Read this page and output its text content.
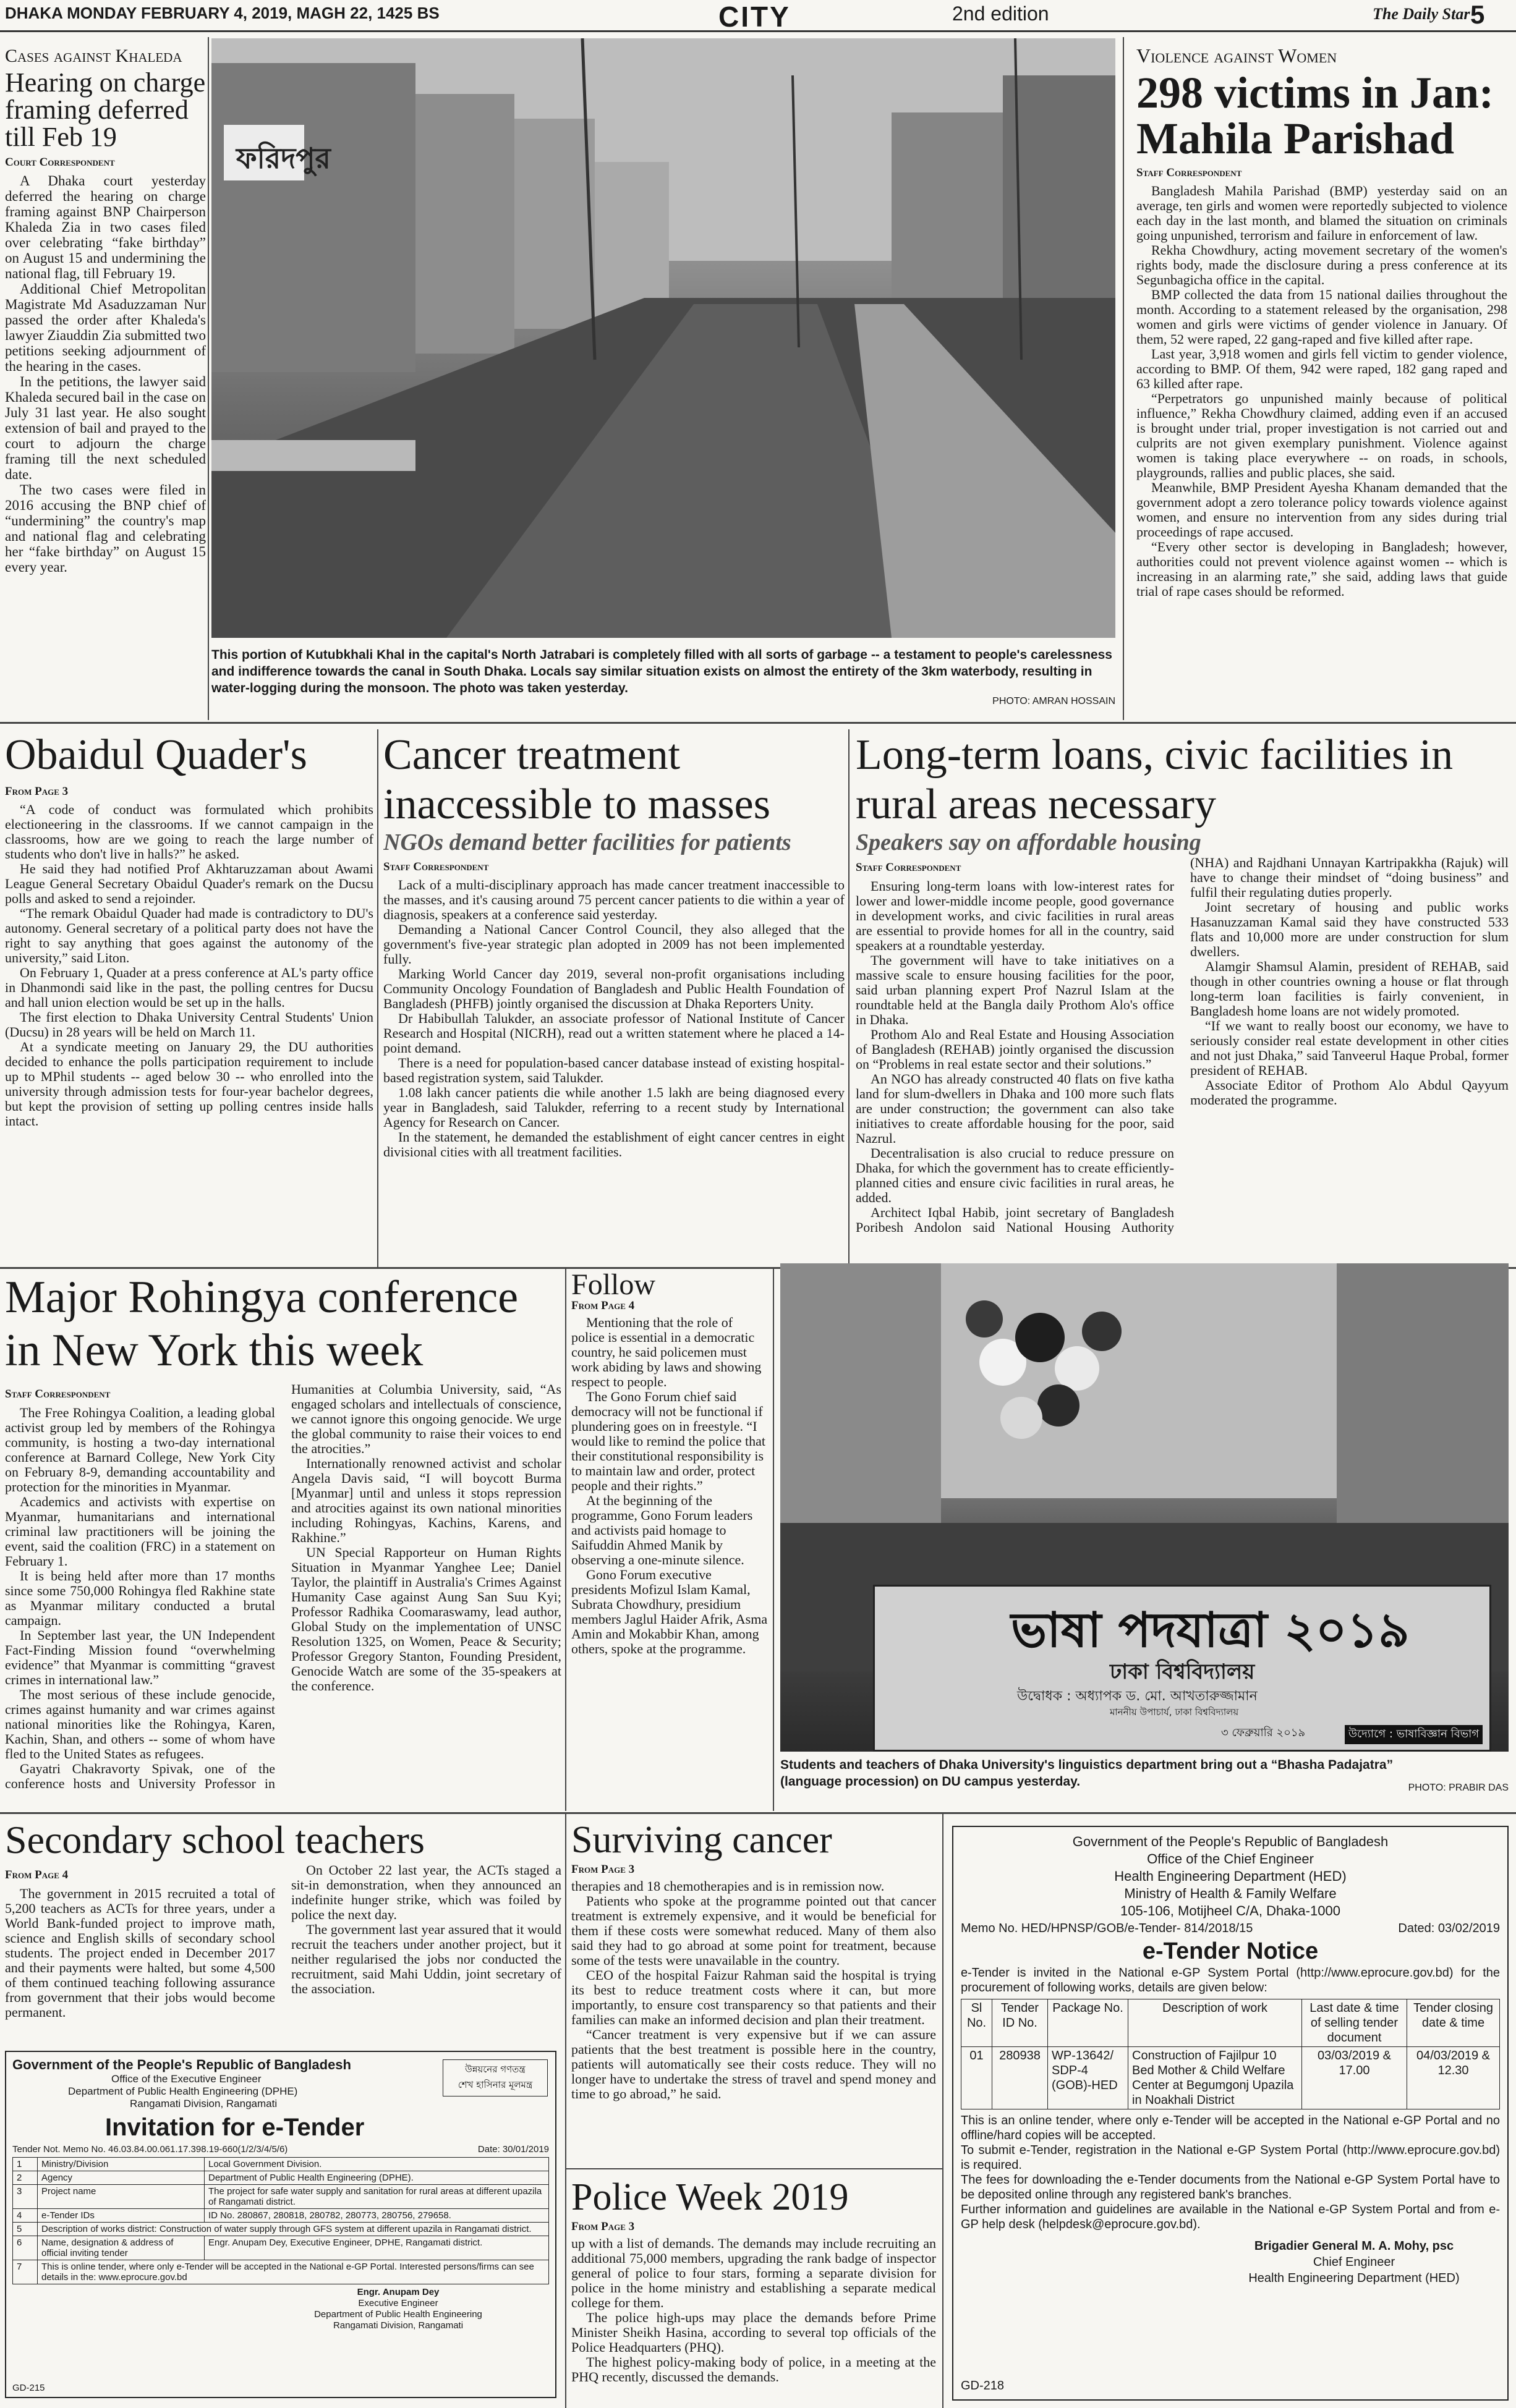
DHAKA MONDAY FEBRUARY 4, 2019, MAGH 22, 1425 BS	CITY	2nd edition	The Daily Star 5
Cases against Khaleda
Hearing on charge framing deferred till Feb 19
Court Correspondent

A Dhaka court yesterday deferred the hearing on charge framing against BNP Chairperson Khaleda Zia in two cases filed over celebrating “fake birthday” on August 15 and undermining the national flag, till February 19.

Additional Chief Metropolitan Magistrate Md Asaduzzaman Nur passed the order after Khaleda's lawyer Ziauddin Zia submitted two petitions seeking adjournment of the hearing in the cases.

In the petitions, the lawyer said Khaleda secured bail in the case on July 31 last year. He also sought extension of bail and prayed to the court to adjourn the charge framing till the next scheduled date.

The two cases were filed in 2016 accusing the BNP chief of “undermining” the country's map and national flag and celebrating her “fake birthday” on August 15 every year.

ফরিদপুর
This portion of Kutubkhali Khal in the capital's North Jatrabari is completely filled with all sorts of garbage -- a testament to people's carelessness and indifference towards the canal in South Dhaka. Locals say similar situation exists on almost the entirety of the 3km waterbody, resulting in water-logging during the monsoon. The photo was taken yesterday.
PHOTO: AMRAN HOSSAIN
Violence against Women
298 victims in Jan: Mahila Parishad
Staff Correspondent

Bangladesh Mahila Parishad (BMP) yesterday said on an average, ten girls and women were reportedly subjected to violence each day in the last month, and blamed the situation on criminals going unpunished, terrorism and failure in enforcement of law.

Rekha Chowdhury, acting movement secretary of the women's rights body, made the disclosure during a press conference at its Segunbagicha office in the capital.

BMP collected the data from 15 national dailies throughout the month. According to a statement released by the organisation, 298 women and girls were victims of gender violence in January. Of them, 52 were raped, 22 gang-raped and five killed after rape.

Last year, 3,918 women and girls fell victim to gender violence, according to BMP. Of them, 942 were raped, 182 gang raped and 63 killed after rape.

“Perpetrators go unpunished mainly because of political influence,” Rekha Chowdhury claimed, adding even if an accused is brought under trial, proper investigation is not carried out and culprits are not given exemplary punishment. Violence against women is taking place everywhere -- on roads, in schools, playgrounds, rallies and public places, she said.

Meanwhile, BMP President Ayesha Khanam demanded that the government adopt a zero tolerance policy towards violence against women, and ensure no intervention from any sides during trial proceedings of rape accused.

“Every other sector is developing in Bangladesh; however, authorities could not prevent violence against women -- which is increasing in an alarming rate,” she said, adding laws that guide trial of rape cases should be reformed.

Obaidul Quader's
From Page 3

“A code of conduct was formulated which prohibits electioneering in the classrooms. If we cannot campaign in the classrooms, how are we going to reach the large number of students who don't live in halls?” he asked.

He said they had notified Prof Akhtaruzzaman about Awami League General Secretary Obaidul Quader's remark on the Ducsu polls and asked to send a rejoinder.

“The remark Obaidul Quader had made is contradictory to DU's autonomy. General secretary of a political party does not have the right to say anything that goes against the autonomy of the university,” said Liton.

On February 1, Quader at a press conference at AL's party office in Dhanmondi said like in the past, the polling centres for Ducsu and hall union election would be set up in the halls.

The first election to Dhaka University Central Students' Union (Ducsu) in 28 years will be held on March 11.

At a syndicate meeting on January 29, the DU authorities decided to enhance the polls participation requirement to include up to MPhil students -- aged below 30 -- who enrolled into the university through admission tests for four-year bachelor degrees, but kept the provision of setting up polling centres inside halls intact.

Cancer treatment inaccessible to masses
NGOs demand better facilities for patients
Staff Correspondent

Lack of a multi-disciplinary approach has made cancer treatment inaccessible to the masses, and it's causing around 75 percent cancer patients to die within a year of diagnosis, speakers at a conference said yesterday.

Demanding a National Cancer Control Council, they also alleged that the government's five-year strategic plan adopted in 2009 has not been implemented fully.

Marking World Cancer day 2019, several non-profit organisations including Community Oncology Foundation of Bangladesh and Public Health Foundation of Bangladesh (PHFB) jointly organised the discussion at Dhaka Reporters Unity.

Dr Habibullah Talukder, an associate professor of National Institute of Cancer Research and Hospital (NICRH), read out a written statement where he placed a 14-point demand.

There is a need for population-based cancer database instead of existing hospital-based registration system, said Talukder.

1.08 lakh cancer patients die while another 1.5 lakh are being diagnosed every year in Bangladesh, said Talukder, referring to a recent study by International Agency for Research on Cancer.

In the statement, he demanded the establishment of eight cancer centres in eight divisional cities with all treatment facilities.

Long-term loans, civic facilities in rural areas necessary
Speakers say on affordable housing
Staff Correspondent

Ensuring long-term loans with low-interest rates for lower and lower-middle income people, good governance in development works, and civic facilities in rural areas are essential to provide homes for all in the country, said speakers at a roundtable yesterday.

The government will have to take initiatives on a massive scale to ensure housing facilities for the poor, said urban planning expert Prof Nazrul Islam at the roundtable held at the Bangla daily Prothom Alo's office in Dhaka.

Prothom Alo and Real Estate and Housing Association of Bangladesh (REHAB) jointly organised the discussion on “Problems in real estate sector and their solutions.”

An NGO has already constructed 40 flats on five katha land for slum-dwellers in Dhaka and 100 more such flats are under construction; the government can also take initiatives to create affordable housing for the poor, said Nazrul.

Decentralisation is also crucial to reduce pressure on Dhaka, for which the government has to create efficiently-planned cities and ensure civic facilities in rural areas, he added.

Architect Iqbal Habib, joint secretary of Bangladesh Poribesh Andolon said National Housing Authority (NHA) and Rajdhani Unnayan Kartripakkha (Rajuk) will have to change their mindset of “doing business” and fulfil their regulating duties properly.

Joint secretary of housing and public works Hasanuzzaman Kamal said they have constructed 533 flats and 10,000 more are under construction for slum dwellers.

Alamgir Shamsul Alamin, president of REHAB, said though in other countries owning a house or flat through long-term loan facilities is fairly convenient, in Bangladesh home loans are not widely promoted.

“If we want to really boost our economy, we have to seriously consider real estate development in other cities and not just Dhaka,” said Tanveerul Haque Probal, former president of REHAB.

Associate Editor of Prothom Alo Abdul Qayyum moderated the programme.

Major Rohingya conference in New York this week
Staff Correspondent

The Free Rohingya Coalition, a leading global activist group led by members of the Rohingya community, is hosting a two-day international conference at Barnard College, New York City on February 8-9, demanding accountability and protection for the minorities in Myanmar.

Academics and activists with expertise on Myanmar, humanitarians and international criminal law practitioners will be joining the event, said the coalition (FRC) in a statement on February 1.

It is being held after more than 17 months since some 750,000 Rohingya fled Rakhine state as Myanmar military conducted a brutal campaign.

In September last year, the UN Independent Fact-Finding Mission found “overwhelming evidence” that Myanmar is committing “gravest crimes in international law.”

The most serious of these include genocide, crimes against humanity and war crimes against national minorities like the Rohingya, Karen, Kachin, Shan, and others -- some of whom have fled to the United States as refugees.

Gayatri Chakravorty Spivak, one of the conference hosts and University Professor in Humanities at Columbia University, said, “As engaged scholars and intellectuals of conscience, we cannot ignore this ongoing genocide. We urge the global community to raise their voices to end the atrocities.”

Internationally renowned activist and scholar Angela Davis said, “I will boycott Burma [Myanmar] until and unless it stops repression and atrocities against its own national minorities including Rohingyas, Kachins, Karens, and Rakhine.”

UN Special Rapporteur on Human Rights Situation in Myanmar Yanghee Lee; Daniel Taylor, the plaintiff in Australia's Crimes Against Humanity Case against Aung San Suu Kyi; Professor Radhika Coomaraswamy, lead author, Global Study on the implementation of UNSC Resolution 1325, on Women, Peace & Security; Professor Gregory Stanton, Founding President, Genocide Watch are some of the 35-speakers at the conference.

Follow
From Page 4

Mentioning that the role of police is essential in a democratic country, he said policemen must work abiding by laws and showing respect to people.

The Gono Forum chief said democracy will not be functional if plundering goes on in freestyle. “I would like to remind the police that their constitutional responsibility is to maintain law and order, protect people and their rights.”

At the beginning of the programme, Gono Forum leaders and activists paid homage to Saifuddin Ahmed Manik by observing a one-minute silence.

Gono Forum executive presidents Mofizul Islam Kamal, Subrata Chowdhury, presidium members Jaglul Haider Afrik, Asma Amin and Mokabbir Khan, among others, spoke at the programme.	ভাষা পদযাত্রা ২০১৯
ঢাকা বিশ্ববিদ্যালয়
উদ্বোধক : অধ্যাপক ড. মো. আখতারুজ্জামান
মাননীয় উপাচার্য, ঢাকা বিশ্ববিদ্যালয়
৩ ফেব্রুয়ারি ২০১৯	উদ্যোগে : ভাষাবিজ্ঞান বিভাগ
Students and teachers of Dhaka University's linguistics department bring out a “Bhasha Padajatra” (language procession) on DU campus yesterday.	PHOTO: PRABIR DAS
Secondary school teachers
From Page 4

The government in 2015 recruited a total of 5,200 teachers as ACTs for three years, under a World Bank-funded project to improve math, science and English skills of secondary school students. The project ended in December 2017 and their payments were halted, but some 4,500 of them continued teaching following assurance from government that their jobs would become permanent.

On October 22 last year, the ACTs staged a sit-in demonstration, when they announced an indefinite hunger strike, which was foiled by police the next day.

The government last year assured that it would recruit the teachers under another project, but it neither regularised the jobs nor conducted the recruitment, said Mahi Uddin, joint secretary of the association.

Government of the People's Republic of Bangladesh	উন্নয়নের গণতন্ত্র
শেখ হাসিনার মূলমন্ত্র
Office of the Executive Engineer
Department of Public Health Engineering (DPHE)
Rangamati Division, Rangamati
Invitation for e-Tender
Tender Not. Memo No. 46.03.84.00.061.17.398.19-660(1/2/3/4/5/6)	Date: 30/01/2019
1	Ministry/Division	Local Government Division.
2	Agency	Department of Public Health Engineering (DPHE).
3	Project name	The project for safe water supply and sanitation for rural areas at different upazila of Rangamati district.
4	e-Tender IDs	ID No. 280867, 280818, 280782, 280773, 280756, 279658.
5	Description of works district: Construction of water supply through GFS system at different upazila in Rangamati district.	
6	Name, designation & address of official inviting tender	Engr. Anupam Dey, Executive Engineer, DPHE, Rangamati district.
7	This is online tender, where only e-Tender will be accepted in the National e-GP Portal. Interested persons/firms can see details in the: www.eprocure.gov.bd	
Engr. Anupam Dey
Executive Engineer
Department of Public Health Engineering
Rangamati Division, Rangamati
GD-215
Surviving cancer
From Page 3

therapies and 18 chemotherapies and is in remission now.

Patients who spoke at the programme pointed out that cancer treatment is extremely expensive, and it would be beneficial for them if these costs were somewhat reduced. Many of them also said they had to go abroad at some point for treatment, because some of the tests were unavailable in the country.

CEO of the hospital Faizur Rahman said the hospital is trying its best to reduce treatment costs where it can, but more importantly, to ensure cost transparency so that patients and their families can make an informed decision and plan their treatment.

“Cancer treatment is very expensive but if we can assure patients that the best treatment is possible here in the country, patients will automatically see their costs reduce. They will no longer have to undertake the stress of travel and spend money and time to go abroad,” he said.

Police Week 2019
From Page 3

up with a list of demands. The demands may include recruiting an additional 75,000 members, upgrading the rank badge of inspector general of police to four stars, forming a separate division for police in the home ministry and establishing a separate medical college for them.

The police high-ups may place the demands before Prime Minister Sheikh Hasina, according to several top officials of the Police Headquarters (PHQ).

The highest policy-making body of police, in a meeting at the PHQ recently, discussed the demands.

Government of the People's Republic of Bangladesh
Office of the Chief Engineer
Health Engineering Department (HED)
Ministry of Health & Family Welfare
105-106, Motijheel C/A, Dhaka-1000
Memo No. HED/HPNSP/GOB/e-Tender- 814/2018/15	Dated: 03/02/2019
e-Tender Notice
e-Tender is invited in the National e-GP System Portal (http://www.eprocure.gov.bd) for the procurement of following works, details are given below:
Sl No.	Tender ID No.	Package No.	Description of work	Last date & time of selling tender document	Tender closing date & time
01	280938	WP-13642/ SDP-4 (GOB)-HED	Construction of Fajilpur 10 Bed Mother & Child Welfare Center at Begumgonj Upazila in Noakhali District	03/03/2019 & 17.00	04/03/2019 & 12.30
This is an online tender, where only e-Tender will be accepted in the National e-GP Portal and no offline/hard copies will be accepted.
To submit e-Tender, registration in the National e-GP System Portal (http://www.eprocure.gov.bd) is required.
The fees for downloading the e-Tender documents from the National e-GP System Portal have to be deposited online through any registered bank's branches.
Further information and guidelines are available in the National e-GP System Portal and from e-GP help desk (helpdesk@eprocure.gov.bd).
Brigadier General M. A. Mohy, psc
Chief Engineer
Health Engineering Department (HED)
GD-218
